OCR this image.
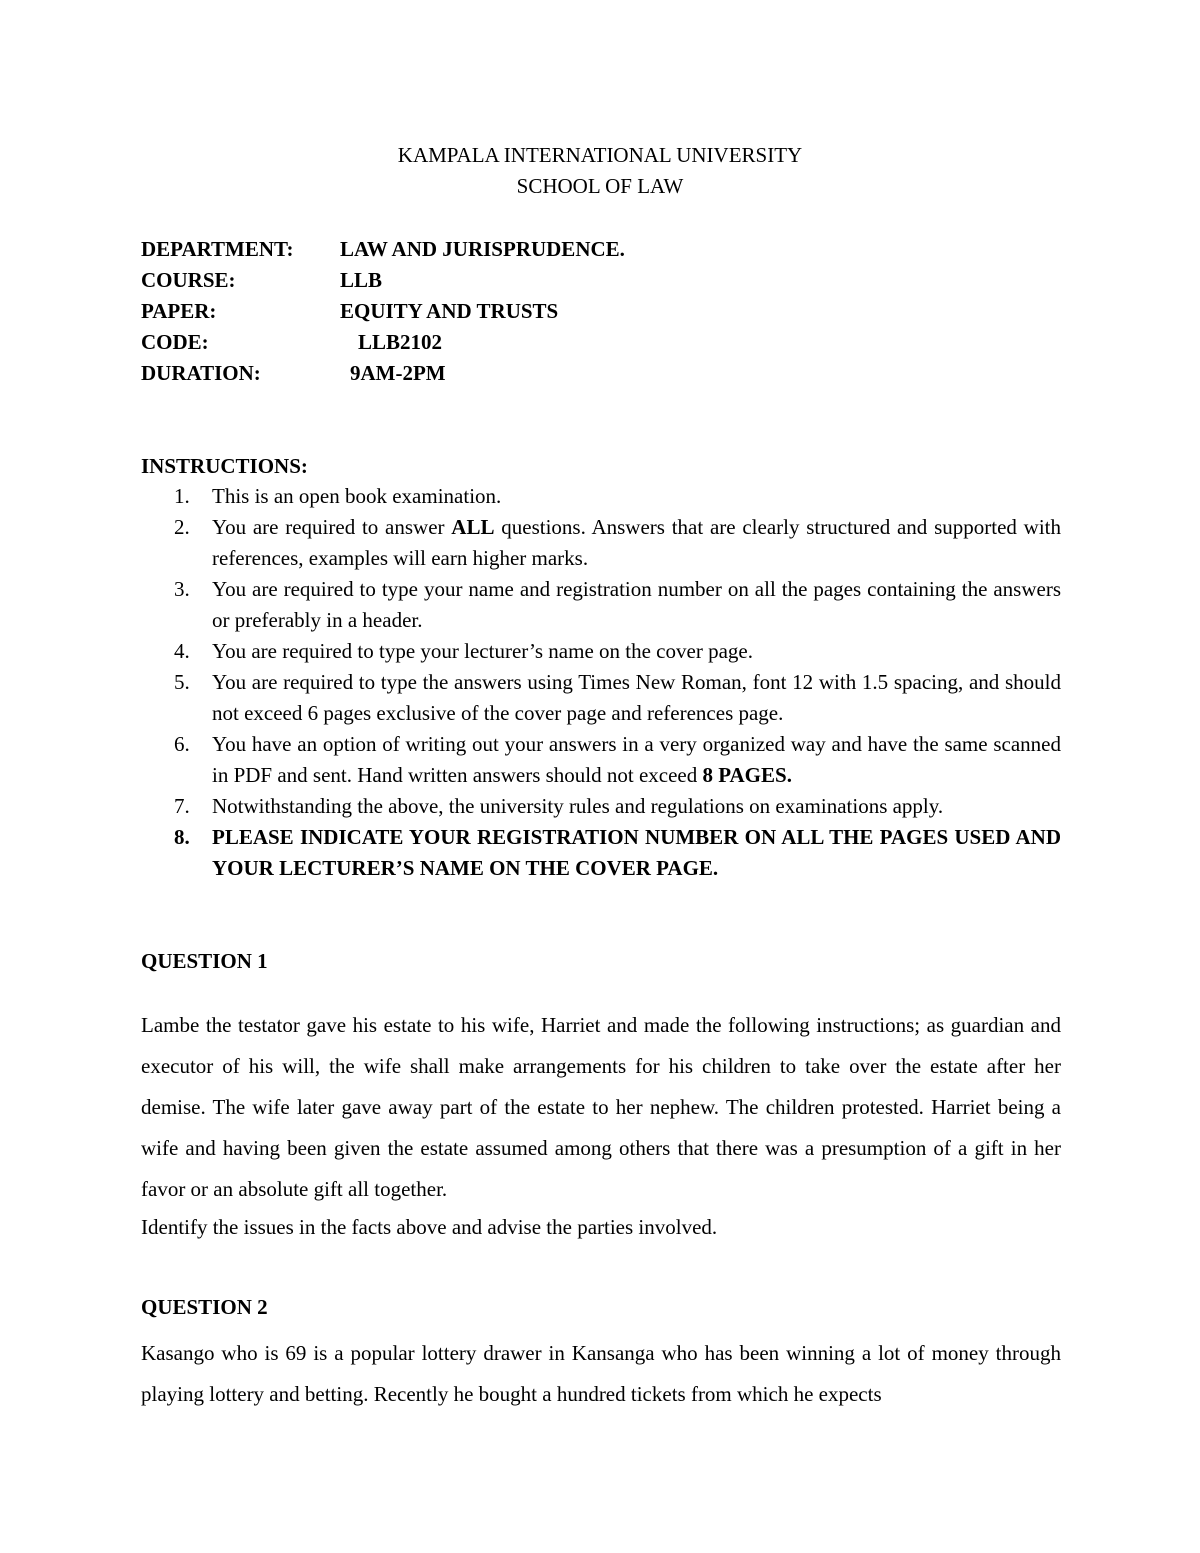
KAMPALA INTERNATIONAL UNIVERSITY
SCHOOL OF LAW
DEPARTMENT: LAW AND JURISPRUDENCE.
COURSE:	LLB
PAPER:	EQUITY AND TRUSTS
CODE:	LLB2102
DURATION:	9AM-2PM
INSTRUCTIONS:
1. This is an open book examination.
2. You are required to answer ALL questions. Answers that are clearly structured and supported with references, examples will earn higher marks.
3. You are required to type your name and registration number on all the pages containing the answers or preferably in a header.
4. You are required to type your lecturer’s name on the cover page.
5. You are required to type the answers using Times New Roman, font 12 with 1.5 spacing, and should not exceed 6 pages exclusive of the cover page and references page.
6. You have an option of writing out your answers in a very organized way and have the same scanned in PDF and sent. Hand written answers should not exceed 8 PAGES.
7. Notwithstanding the above, the university rules and regulations on examinations apply.
8. PLEASE INDICATE YOUR REGISTRATION NUMBER ON ALL THE PAGES USED AND YOUR LECTURER’S NAME ON THE COVER PAGE.
QUESTION 1
Lambe the testator gave his estate to his wife, Harriet and made the following instructions; as guardian and executor of his will, the wife shall make arrangements for his children to take over the estate after her demise. The wife later gave away part of the estate to her nephew. The children protested. Harriet being a wife and having been given the estate assumed among others that there was a presumption of a gift in her favor or an absolute gift all together.
Identify the issues in the facts above and advise the parties involved.
QUESTION 2
Kasango who is 69 is a popular lottery drawer in Kansanga who has been winning a lot of money through playing lottery and betting. Recently he bought a hundred tickets from which he expects
